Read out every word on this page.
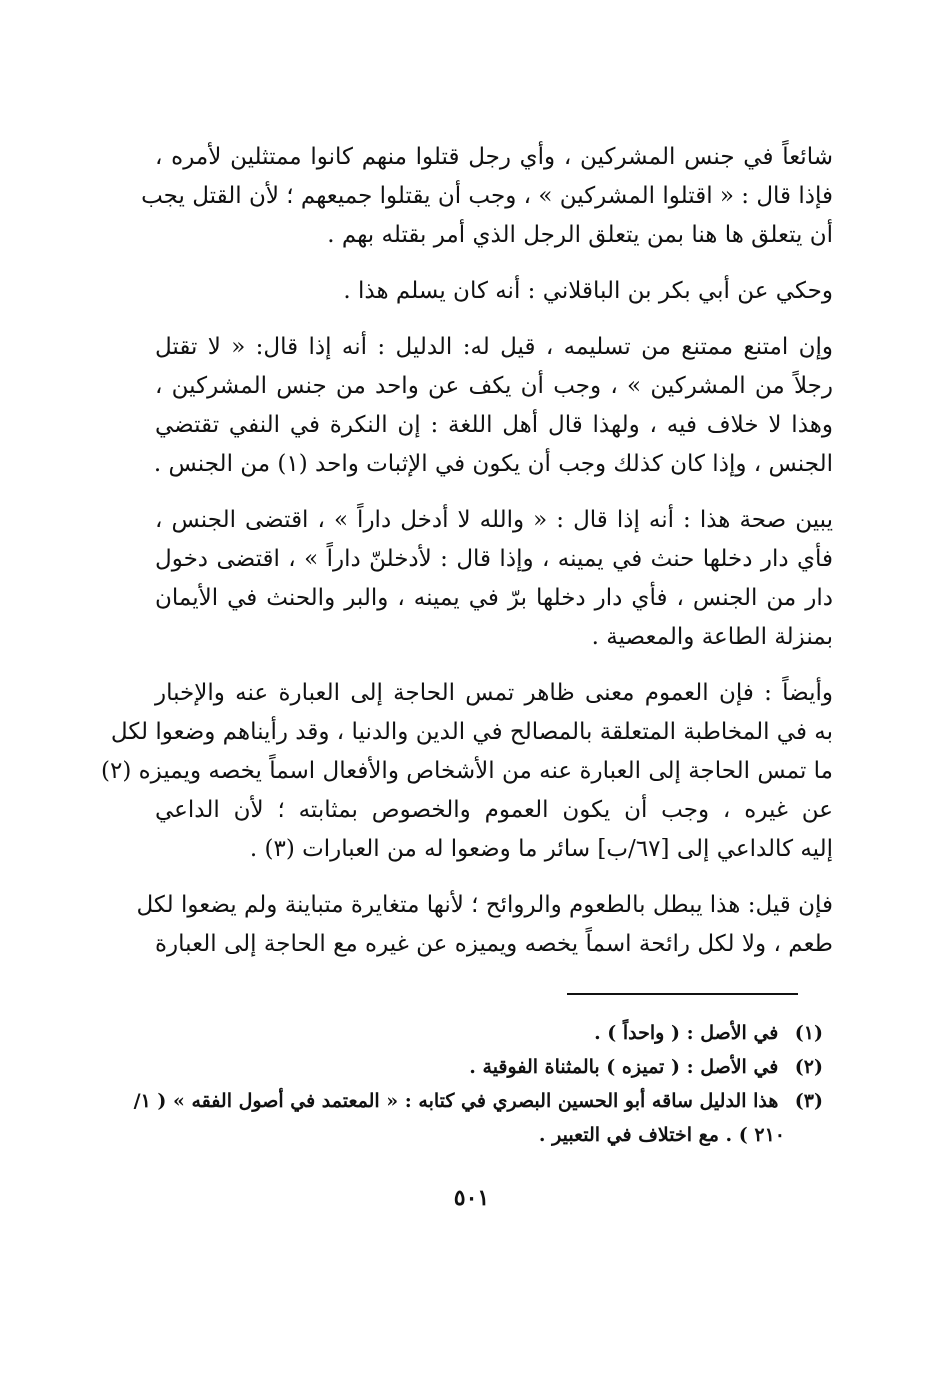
شائعاً في جنس المشركين ، وأي رجل قتلوا منهم كانوا ممتثلين لأمره ،
فإذا قال : « اقتلوا المشركين » ، وجب أن يقتلوا جميعهم ؛ لأن القتل يجب
أن يتعلق ها هنا بمن يتعلق الرجل الذي أمر بقتله بهم .

وحكي عن أبي بكر بن الباقلاني : أنه كان يسلم هذا .

وإن امتنع ممتنع من تسليمه ، قيل له: الدليل : أنه إذا قال: « لا تقتل
رجلاً من المشركين » ، وجب أن يكف عن واحد من جنس المشركين ،
وهذا لا خلاف فيه ، ولهذا قال أهل اللغة : إن النكرة في النفي تقتضي
الجنس ، وإذا كان كذلك وجب أن يكون في الإثبات واحد (١) من الجنس .

يبين صحة هذا : أنه إذا قال : « والله لا أدخل داراً » ، اقتضى الجنس ،
فأي دار دخلها حنث في يمينه ، وإذا قال : لأدخلنّ داراً » ، اقتضى دخول
دار من الجنس ، فأي دار دخلها برّ في يمينه ، والبر والحنث في الأيمان
بمنزلة الطاعة والمعصية .

وأيضاً : فإن العموم معنى ظاهر تمس الحاجة إلى العبارة عنه والإخبار
به في المخاطبة المتعلقة بالمصالح في الدين والدنيا ، وقد رأيناهم وضعوا لكل
ما تمس الحاجة إلى العبارة عنه من الأشخاص والأفعال اسماً يخصه ويميزه (٢)
عن غيره ، وجب أن يكون العموم والخصوص بمثابته ؛ لأن الداعي
إليه كالداعي إلى [٦٧/ب] سائر ما وضعوا له من العبارات (٣) .

فإن قيل: هذا يبطل بالطعوم والروائح ؛ لأنها متغايرة متباينة ولم يضعوا لكل
طعم ، ولا لكل رائحة اسماً يخصه ويميزه عن غيره مع الحاجة إلى العبارة

(١) في الأصل : ( واحداً ) .
(٢) في الأصل : ( تميزه ) بالمثناة الفوقية .
(٣) هذا الدليل ساقه أبو الحسين البصري في كتابه : « المعتمد في أصول الفقه » ( ١/
٢١٠ ) . مع اختلاف في التعبير .
٥٠١
